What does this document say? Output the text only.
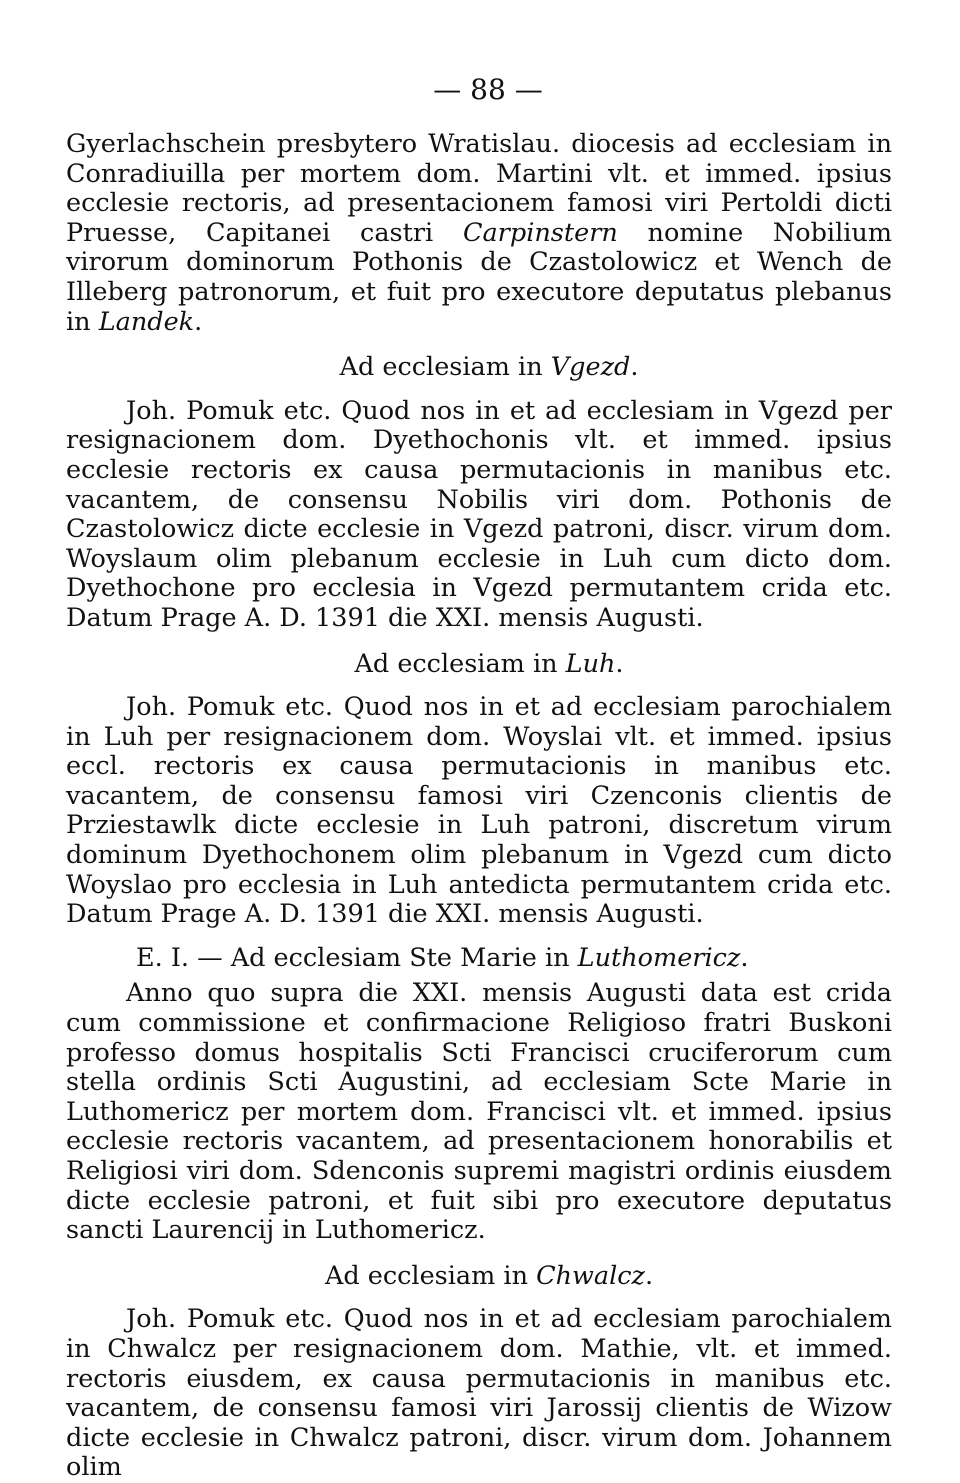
— 88 —

Gyerlachschein presbytero Wratislau. diocesis ad ecclesiam in Conradiuilla per mortem dom. Martini vlt. et immed. ipsius ecclesie rectoris, ad presentacionem famosi viri Pertoldi dicti Pruesse, Capitanei castri Carpinstern nomine Nobilium virorum dominorum Pothonis de Czastolowicz et Wench de Illeberg patronorum, et fuit pro executore deputatus plebanus in Landek.

Ad ecclesiam in Vgezd.

Joh. Pomuk etc. Quod nos in et ad ecclesiam in Vgezd per resignacionem dom. Dyethochonis vlt. et immed. ipsius ecclesie rectoris ex causa permutacionis in manibus etc. vacantem, de consensu Nobilis viri dom. Pothonis de Czastolowicz dicte ecclesie in Vgezd patroni, discr. virum dom. Woyslaum olim plebanum ecclesie in Luh cum dicto dom. Dyethochone pro ecclesia in Vgezd permutantem crida etc. Datum Prage A. D. 1391 die XXI. mensis Augusti.

Ad ecclesiam in Luh.

Joh. Pomuk etc. Quod nos in et ad ecclesiam parochialem in Luh per resignacionem dom. Woyslai vlt. et immed. ipsius eccl. rectoris ex causa permutacionis in manibus etc. vacantem, de consensu famosi viri Czenconis clientis de Prziestawlk dicte ecclesie in Luh patroni, discretum virum dominum Dyethochonem olim plebanum in Vgezd cum dicto Woyslao pro ecclesia in Luh antedicta permutantem crida etc. Datum Prage A. D. 1391 die XXI. mensis Augusti.

E. I. — Ad ecclesiam Ste Marie in Luthomericz.

Anno quo supra die XXI. mensis Augusti data est crida cum commissione et confirmacione Religioso fratri Buskoni professo domus hospitalis Scti Francisci cruciferorum cum stella ordinis Scti Augustini, ad ecclesiam Scte Marie in Luthomericz per mortem dom. Francisci vlt. et immed. ipsius ecclesie rectoris vacantem, ad presentacionem honorabilis et Religiosi viri dom. Sdenconis supremi magistri ordinis eiusdem dicte ecclesie patroni, et fuit sibi pro executore deputatus sancti Laurencij in Luthomericz.

Ad ecclesiam in Chwalcz.

Joh. Pomuk etc. Quod nos in et ad ecclesiam parochialem in Chwalcz per resignacionem dom. Mathie, vlt. et immed. rectoris eiusdem, ex causa permutacionis in manibus etc. vacantem, de consensu famosi viri Jarossij clientis de Wizow dicte ecclesie in Chwalcz patroni, discr. virum dom. Johannem olim
